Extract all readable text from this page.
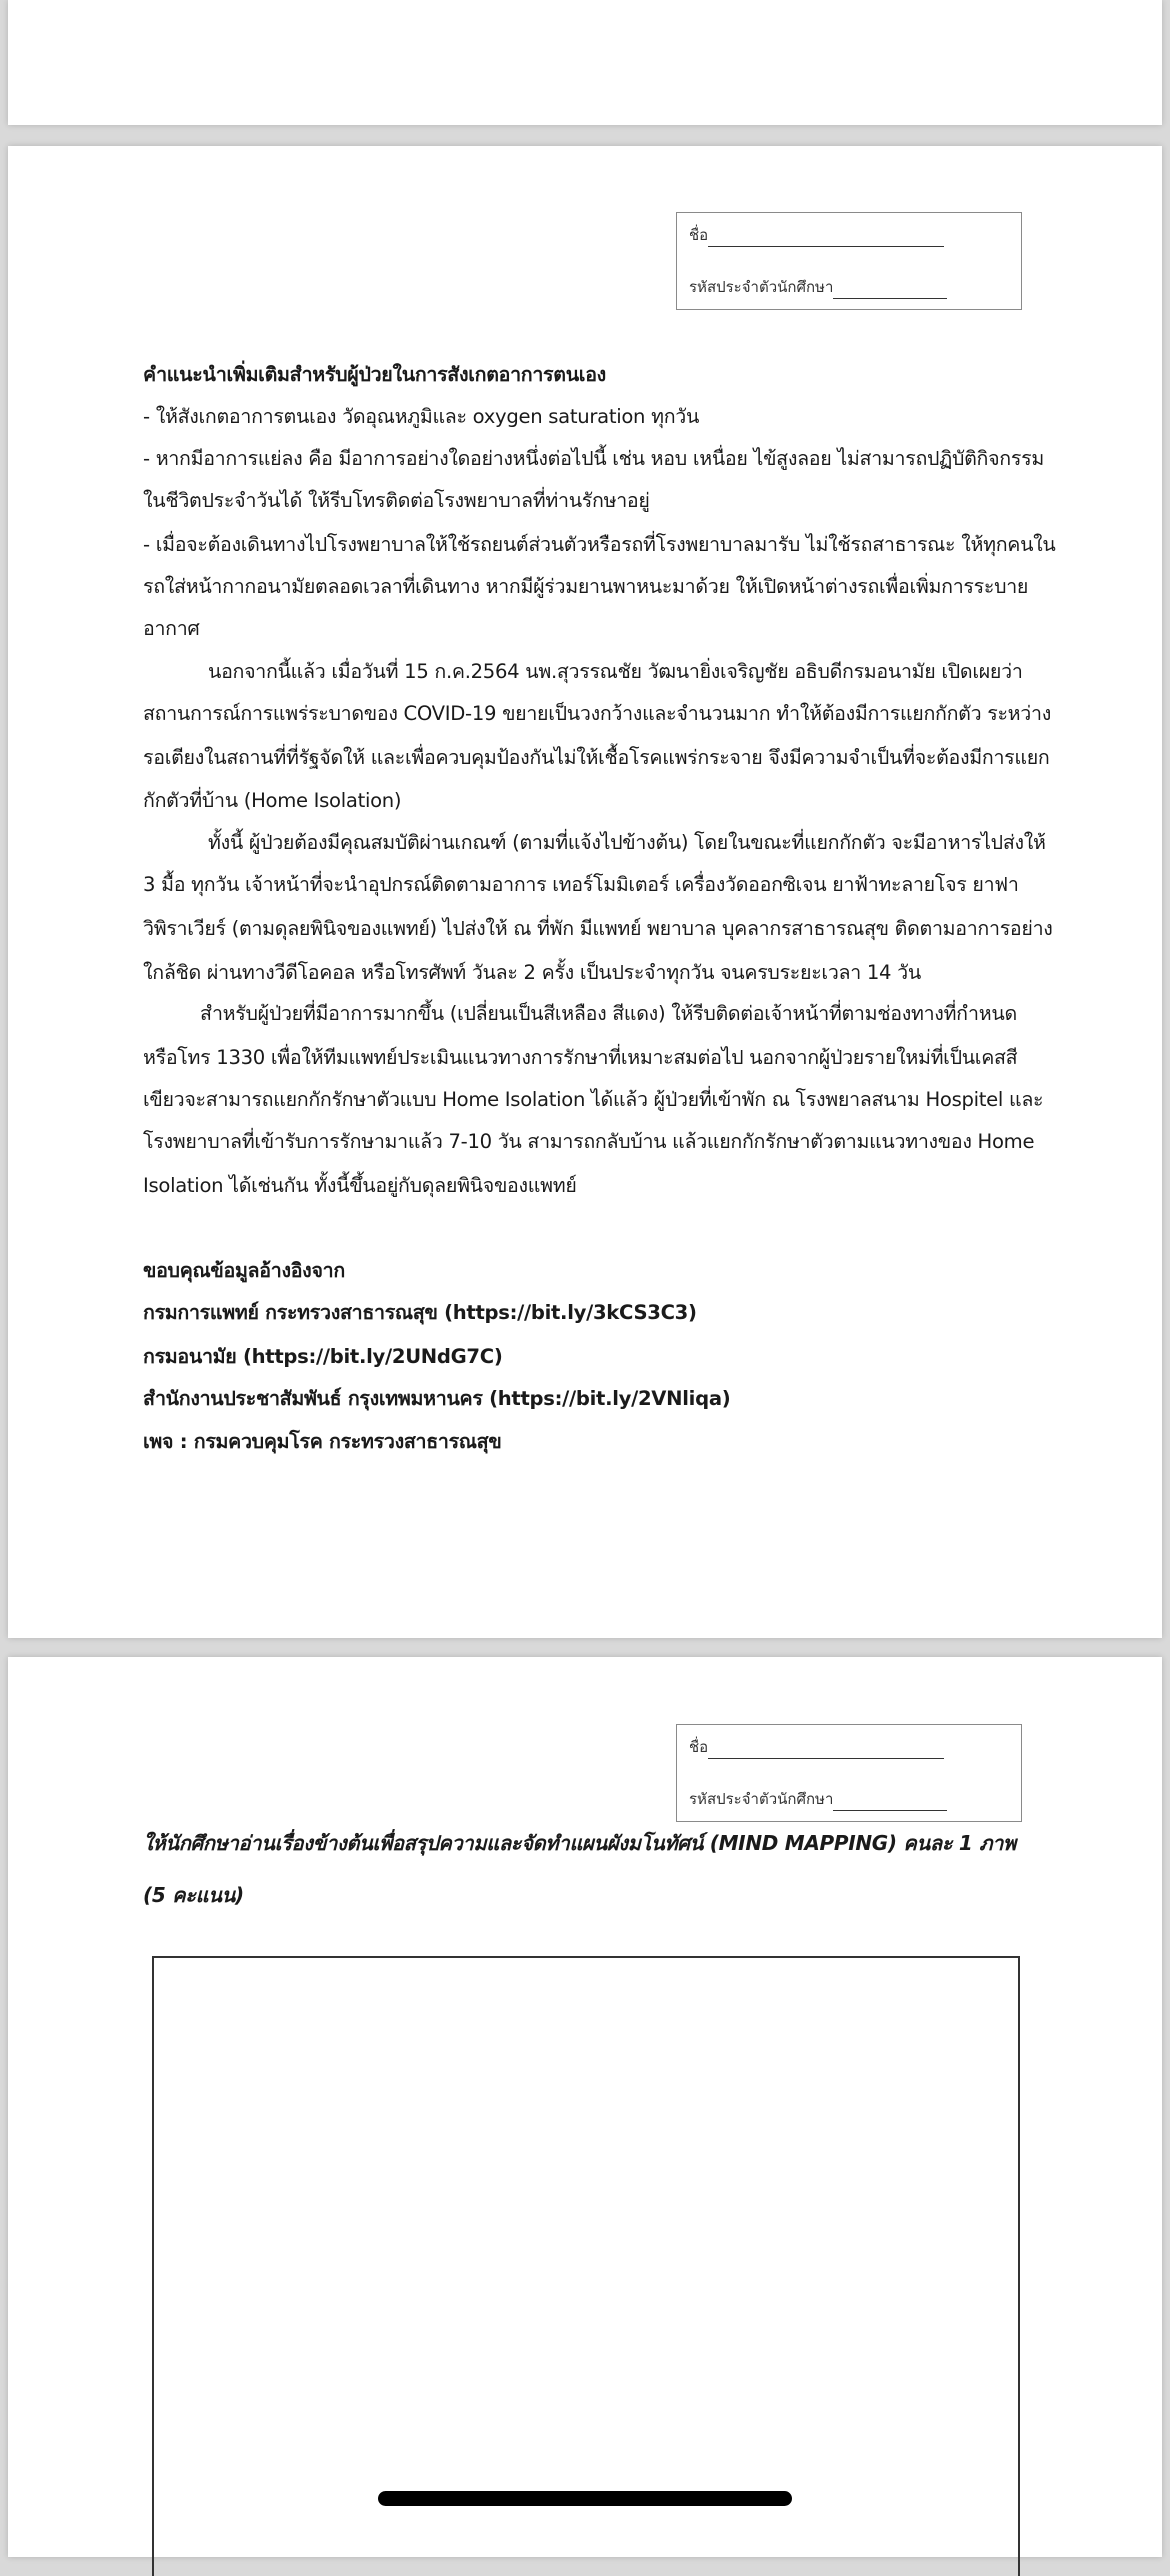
ชื่อ
รหัสประจำตัวนักศึกษา
คำแนะนำเพิ่มเติมสำหรับผู้ป่วยในการสังเกตอาการตนเอง
- ให้สังเกตอาการตนเอง วัดอุณหภูมิและ oxygen saturation ทุกวัน
- หากมีอาการแย่ลง คือ มีอาการอย่างใดอย่างหนึ่งต่อไปนี้ เช่น หอบ เหนื่อย ไข้สูงลอย ไม่สามารถปฏิบัติกิจกรรม
ในชีวิตประจำวันได้ ให้รีบโทรติดต่อโรงพยาบาลที่ท่านรักษาอยู่
- เมื่อจะต้องเดินทางไปโรงพยาบาลให้ใช้รถยนต์ส่วนตัวหรือรถที่โรงพยาบาลมารับ ไม่ใช้รถสาธารณะ ให้ทุกคนใน
รถใส่หน้ากากอนามัยตลอดเวลาที่เดินทาง หากมีผู้ร่วมยานพาหนะมาด้วย ให้เปิดหน้าต่างรถเพื่อเพิ่มการระบาย
อากาศ
นอกจากนี้แล้ว เมื่อวันที่ 15 ก.ค.2564 นพ.สุวรรณชัย วัฒนายิ่งเจริญชัย อธิบดีกรมอนามัย เปิดเผยว่า
สถานการณ์การแพร่ระบาดของ COVID-19 ขยายเป็นวงกว้างและจำนวนมาก ทำให้ต้องมีการแยกกักตัว ระหว่าง
รอเตียงในสถานที่ที่รัฐจัดให้ และเพื่อควบคุมป้องกันไม่ให้เชื้อโรคแพร่กระจาย จึงมีความจำเป็นที่จะต้องมีการแยก
กักตัวที่บ้าน (Home Isolation)
ทั้งนี้ ผู้ป่วยต้องมีคุณสมบัติผ่านเกณฑ์ (ตามที่แจ้งไปข้างต้น) โดยในขณะที่แยกกักตัว จะมีอาหารไปส่งให้
3 มื้อ ทุกวัน เจ้าหน้าที่จะนำอุปกรณ์ติดตามอาการ เทอร์โมมิเตอร์ เครื่องวัดออกซิเจน ยาฟ้าทะลายโจร ยาฟา
วิพิราเวียร์ (ตามดุลยพินิจของแพทย์) ไปส่งให้ ณ ที่พัก มีแพทย์ พยาบาล บุคลากรสาธารณสุข ติดตามอาการอย่าง
ใกล้ชิด ผ่านทางวีดีโอคอล หรือโทรศัพท์ วันละ 2 ครั้ง เป็นประจำทุกวัน จนครบระยะเวลา 14 วัน
สำหรับผู้ป่วยที่มีอาการมากขึ้น (เปลี่ยนเป็นสีเหลือง สีแดง) ให้รีบติดต่อเจ้าหน้าที่ตามช่องทางที่กำหนด
หรือโทร 1330 เพื่อให้ทีมแพทย์ประเมินแนวทางการรักษาที่เหมาะสมต่อไป นอกจากผู้ป่วยรายใหม่ที่เป็นเคสสี
เขียวจะสามารถแยกกักรักษาตัวแบบ Home Isolation ได้แล้ว ผู้ป่วยที่เข้าพัก ณ โรงพยาลสนาม Hospitel และ
โรงพยาบาลที่เข้ารับการรักษามาแล้ว 7-10 วัน สามารถกลับบ้าน แล้วแยกกักรักษาตัวตามแนวทางของ Home
Isolation ได้เช่นกัน ทั้งนี้ขึ้นอยู่กับดุลยพินิจของแพทย์
ขอบคุณข้อมูลอ้างอิงจาก
กรมการแพทย์ กระทรวงสาธารณสุข (https://bit.ly/3kCS3C3)
กรมอนามัย (https://bit.ly/2UNdG7C)
สำนักงานประชาสัมพันธ์ กรุงเทพมหานคร (https://bit.ly/2VNliqa)
เพจ : กรมควบคุมโรค กระทรวงสาธารณสุข
ชื่อ
รหัสประจำตัวนักศึกษา
ให้นักศึกษาอ่านเรื่องข้างต้นเพื่อสรุปความและจัดทำแผนผังมโนทัศน์ (MIND MAPPING) คนละ 1 ภาพ
(5 คะแนน)
